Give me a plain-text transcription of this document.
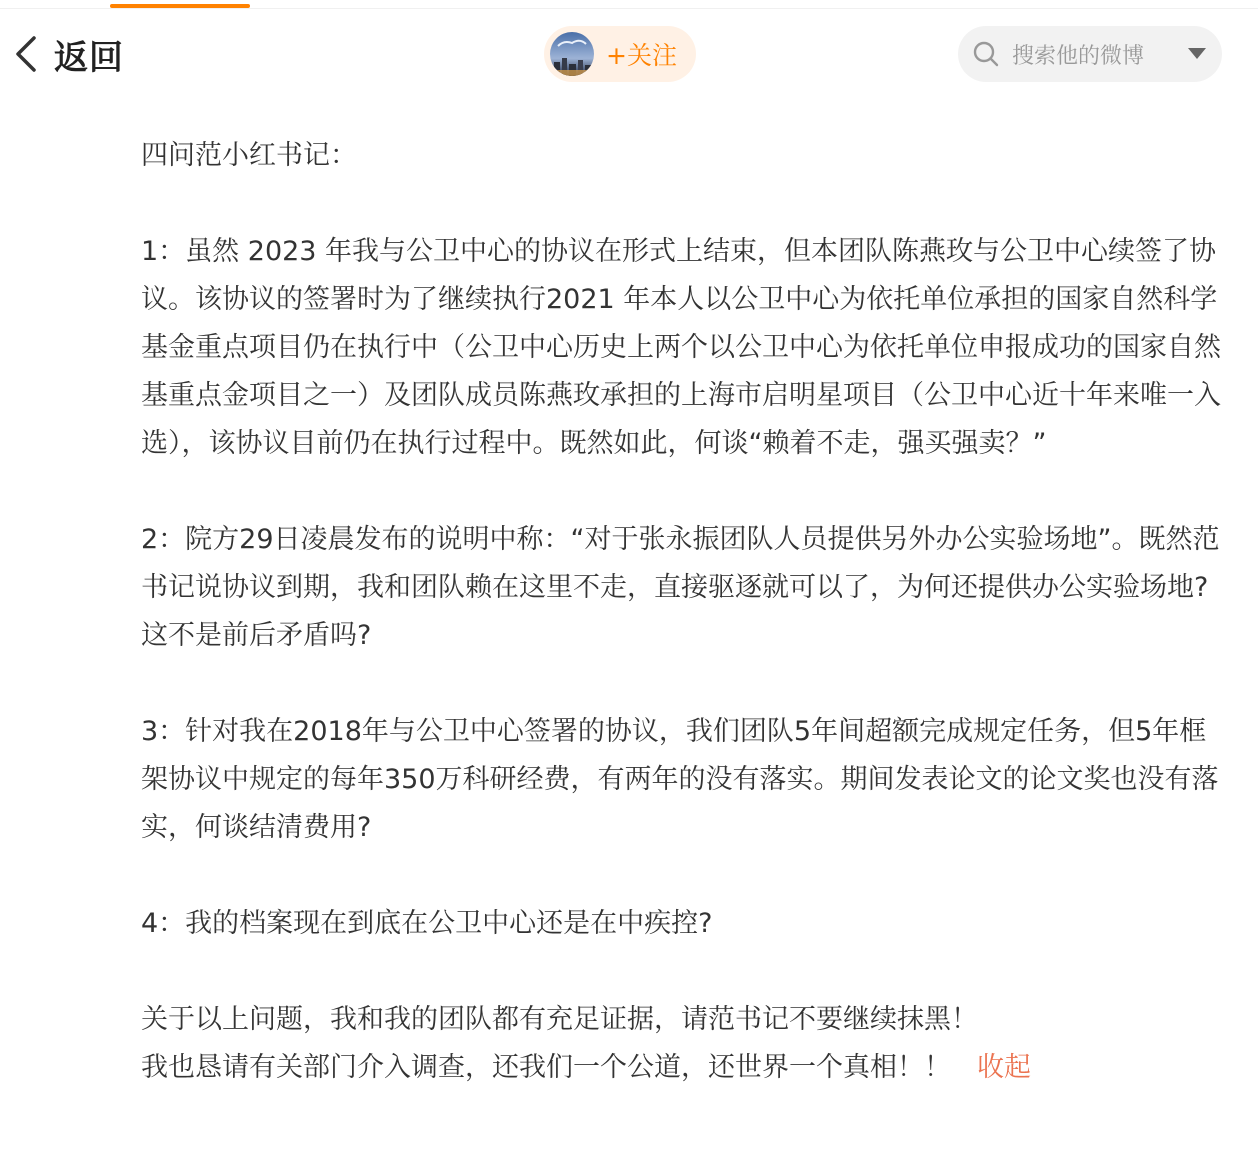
返回	+关注	搜索他的微博
四问范小红书记：
1：虽然 2023 年我与公卫中心的协议在形式上结束，但本团队陈燕玫与公卫中心续签了协议。该协议的签署时为了继续执行2021 年本人以公卫中心为依托单位承担的国家自然科学基金重点项目仍在执行中（公卫中心历史上两个以公卫中心为依托单位申报成功的国家自然基重点金项目之一）及团队成员陈燕玫承担的上海市启明星项目（公卫中心近十年来唯一入选），该协议目前仍在执行过程中。既然如此，何谈“赖着不走，强买强卖？”
2：院方29日凌晨发布的说明中称：“对于张永振团队人员提供另外办公实验场地”。既然范书记说协议到期，我和团队赖在这里不走，直接驱逐就可以了，为何还提供办公实验场地?这不是前后矛盾吗?
3：针对我在2018年与公卫中心签署的协议，我们团队5年间超额完成规定任务，但5年框架协议中规定的每年350万科研经费，有两年的没有落实。期间发表论文的论文奖也没有落实，何谈结清费用?
4：我的档案现在到底在公卫中心还是在中疾控?
关于以上问题，我和我的团队都有充足证据，请范书记不要继续抹黑！
我也恳请有关部门介入调查，还我们一个公道，还世界一个真相！！ 收起
